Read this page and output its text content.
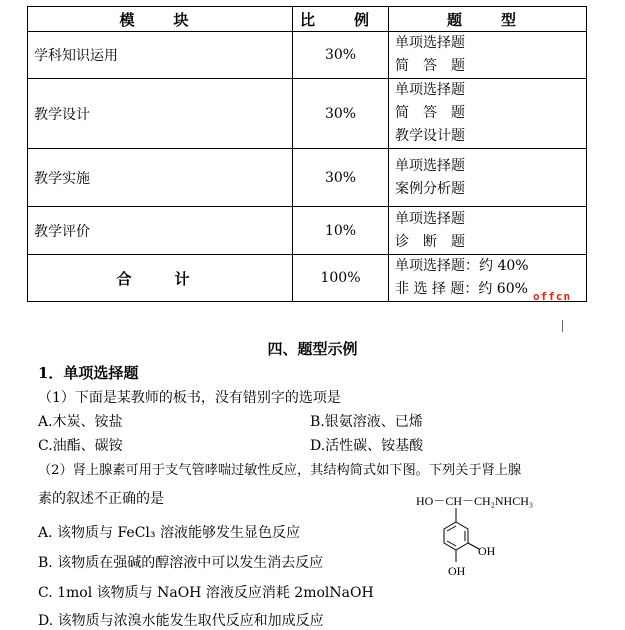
模　块	比　例	题　型
学科知识运用	30%	单项选择题
简　答　题

教学设计	30%	单项选择题
简　答　题
教学设计题

教学实施	30%	单项选择题
案例分析题

教学评价	10%	单项选择题
诊　断　题

合　计	100%	单项选择题：约 40%
非 选 择 题：约 60% offcn
四、题型示例
1．单项选择题
（1）下面是某教师的板书，没有错别字的选项是
A.木炭、铵盐	B.银氨溶液、已烯
C.油酯、碳铵	D.活性碳、铵基酸
（2）肾上腺素可用于支气管哮喘过敏性反应，其结构简式如下图。下列关于肾上腺
素的叙述不正确的是
A. 该物质与 FeCl₃ 溶液能够发生显色反应
B. 该物质在强碱的醇溶液中可以发生消去反应
C. 1mol 该物质与 NaOH 溶液反应消耗 2molNaOH
D. 该物质与浓溴水能发生取代反应和加成反应
HO－CH－CH₂NHCH₃
OH
OH
